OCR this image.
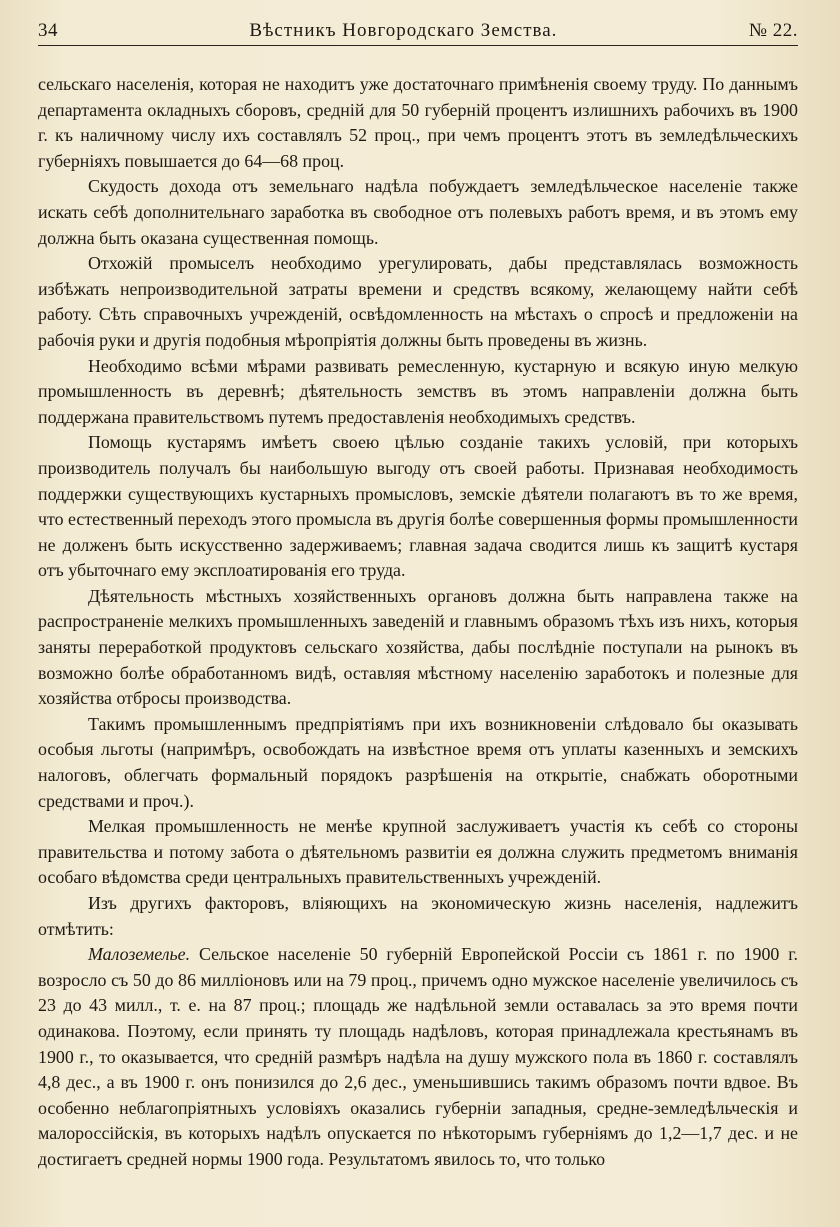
34	Вѣстникъ Новгородскаго Земства.	№ 22.

сельскаго населенія, которая не находитъ уже достаточнаго примѣненія своему труду. По даннымъ департамента окладныхъ сборовъ, средній для 50 губерній процентъ излишнихъ рабочихъ въ 1900 г. къ наличному числу ихъ составлялъ 52 проц., при чемъ процентъ этотъ въ земледѣльческихъ губерніяхъ повышается до 64—68 проц.

Скудость дохода отъ земельнаго надѣла побуждаетъ земледѣльческое населеніе также искать себѣ дополнительнаго заработка въ свободное отъ полевыхъ работъ время, и въ этомъ ему должна быть оказана существенная помощь.

Отхожій промыселъ необходимо урегулировать, дабы представлялась возможность избѣжать непроизводительной затраты времени и средствъ всякому, желающему найти себѣ работу. Сѣть справочныхъ учрежденій, освѣдомленность на мѣстахъ о спросѣ и предложеніи на рабочія руки и другія подобныя мѣропріятія должны быть проведены въ жизнь.

Необходимо всѣми мѣрами развивать ремесленную, кустарную и всякую иную мелкую промышленность въ деревнѣ; дѣятельность земствъ въ этомъ направленіи должна быть поддержана правительствомъ путемъ предоставленія необходимыхъ средствъ.

Помощь кустарямъ имѣетъ своею цѣлью созданіе такихъ условій, при которыхъ производитель получалъ бы наибольшую выгоду отъ своей работы. Признавая необходимость поддержки существующихъ кустарныхъ промысловъ, земскіе дѣятели полагаютъ въ то же время, что естественный переходъ этого промысла въ другія болѣе совершенныя формы промышленности не долженъ быть искусственно задерживаемъ; главная задача сводится лишь къ защитѣ кустаря отъ убыточнаго ему эксплоатированія его труда.

Дѣятельность мѣстныхъ хозяйственныхъ органовъ должна быть направлена также на распространеніе мелкихъ промышленныхъ заведеній и главнымъ образомъ тѣхъ изъ нихъ, которыя заняты переработкой продуктовъ сельскаго хозяйства, дабы послѣдніе поступали на рынокъ въ возможно болѣе обработанномъ видѣ, оставляя мѣстному населенію заработокъ и полезные для хозяйства отбросы производства.

Такимъ промышленнымъ предпріятіямъ при ихъ возникновеніи слѣдовало бы оказывать особыя льготы (напримѣръ, освобождать на извѣстное время отъ уплаты казенныхъ и земскихъ налоговъ, облегчать формальный порядокъ разрѣшенія на открытіе, снабжать оборотными средствами и проч.).

Мелкая промышленность не менѣе крупной заслуживаетъ участія къ себѣ со стороны правительства и потому забота о дѣятельномъ развитіи ея должна служить предметомъ вниманія особаго вѣдомства среди центральныхъ правительственныхъ учрежденій.

Изъ другихъ факторовъ, вліяющихъ на экономическую жизнь населенія, надлежитъ отмѣтить:

Малоземелье. Сельское населеніе 50 губерній Европейской Россіи съ 1861 г. по 1900 г. возросло съ 50 до 86 милліоновъ или на 79 проц., причемъ одно мужское населеніе увеличилось съ 23 до 43 милл., т. е. на 87 проц.; площадь же надѣльной земли оставалась за это время почти одинакова. Поэтому, если принять ту площадь надѣловъ, которая принадлежала крестьянамъ въ 1900 г., то оказывается, что средній размѣръ надѣла на душу мужского пола въ 1860 г. составлялъ 4,8 дес., а въ 1900 г. онъ понизился до 2,6 дес., уменьшившись такимъ образомъ почти вдвое. Въ особенно неблагопріятныхъ условіяхъ оказались губерніи западныя, средне-земледѣльческія и малороссійскія, въ которыхъ надѣлъ опускается по нѣкоторымъ губерніямъ до 1,2—1,7 дес. и не достигаетъ средней нормы 1900 года. Результатомъ явилось то, что только
